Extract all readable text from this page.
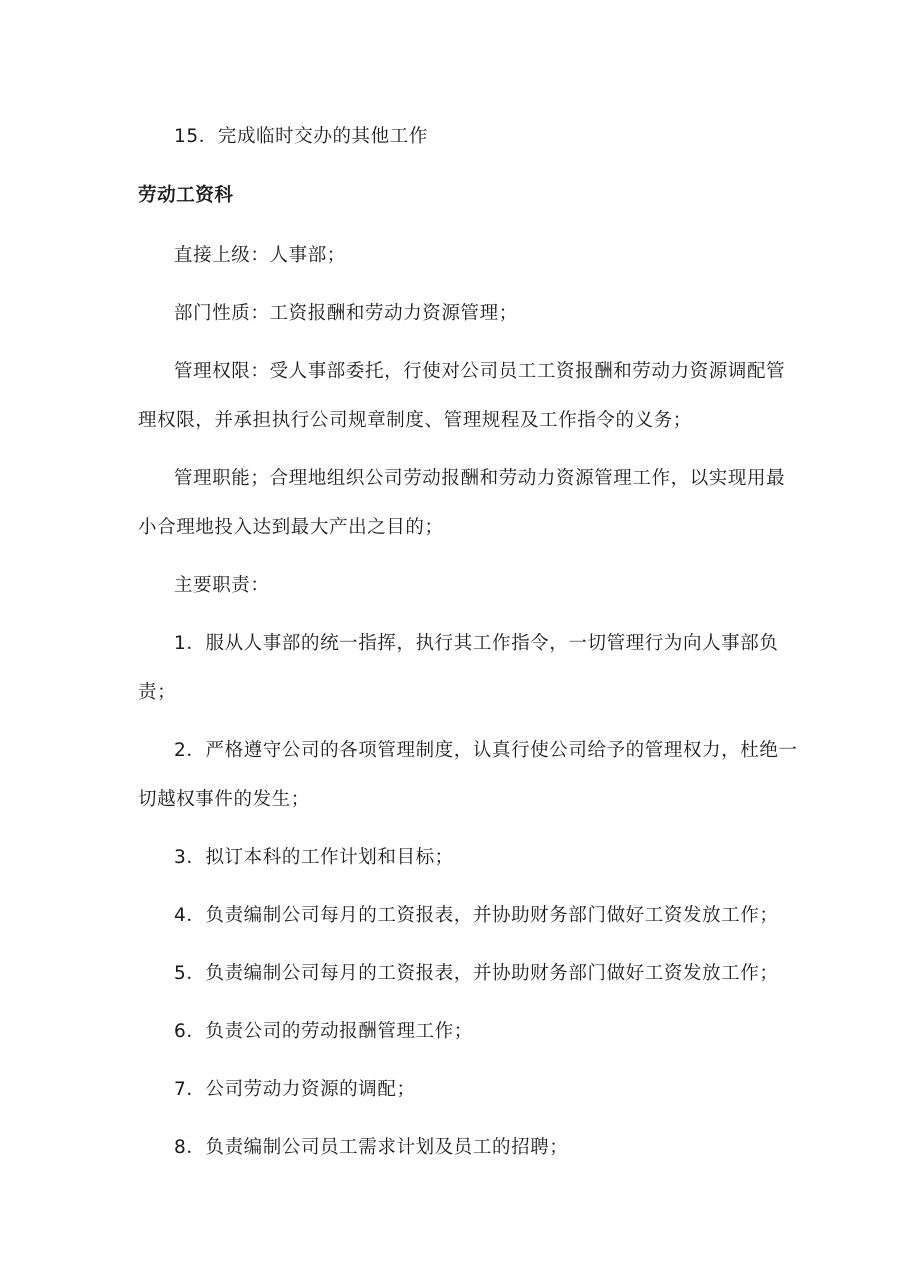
15．完成临时交办的其他工作
劳动工资科
直接上级：人事部；
部门性质：工资报酬和劳动力资源管理；
管理权限：受人事部委托，行使对公司员工工资报酬和劳动力资源调配管
理权限，并承担执行公司规章制度、管理规程及工作指令的义务；
管理职能；合理地组织公司劳动报酬和劳动力资源管理工作，以实现用最
小合理地投入达到最大产出之目的；
主要职责：
1．服从人事部的统一指挥，执行其工作指令，一切管理行为向人事部负
责；
2．严格遵守公司的各项管理制度，认真行使公司给予的管理权力，杜绝一
切越权事件的发生；
3．拟订本科的工作计划和目标；
4．负责编制公司每月的工资报表，并协助财务部门做好工资发放工作；
5．负责编制公司每月的工资报表，并协助财务部门做好工资发放工作；
6．负责公司的劳动报酬管理工作；
7．公司劳动力资源的调配；
8．负责编制公司员工需求计划及员工的招聘；
